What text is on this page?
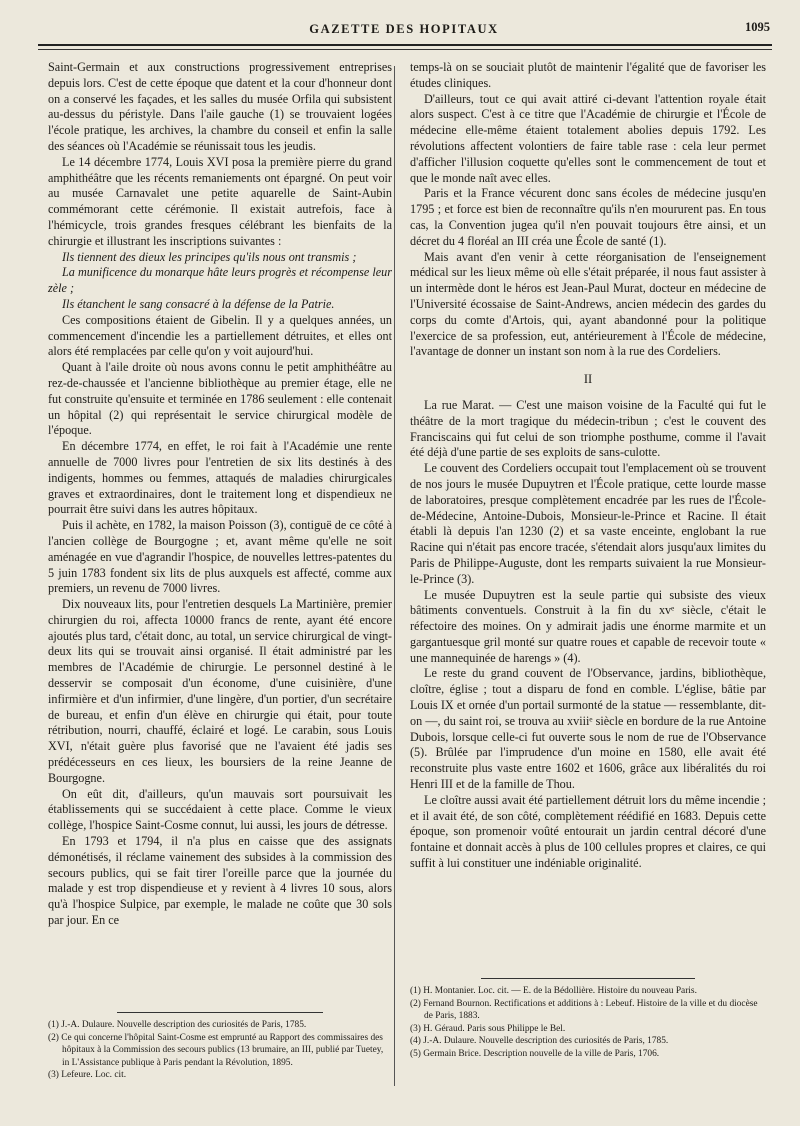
GAZETTE DES HOPITAUX	1095

Saint-Germain et aux constructions progressivement entreprises depuis lors. C'est de cette époque que datent et la cour d'honneur dont on a conservé les façades, et les salles du musée Orfila qui subsistent au-dessus du péristyle. Dans l'aile gauche (1) se trouvaient logées l'école pratique, les archives, la chambre du conseil et enfin la salle des séances où l'Académie se réunissait tous les jeudis.

Le 14 décembre 1774, Louis XVI posa la première pierre du grand amphithéâtre que les récents remaniements ont épargné. On peut voir au musée Carnavalet une petite aquarelle de Saint-Aubin commémorant cette cérémonie. Il existait autrefois, face à l'hémicycle, trois grandes fresques célébrant les bienfaits de la chirurgie et illustrant les inscriptions suivantes :

Ils tiennent des dieux les principes qu'ils nous ont transmis ;

La munificence du monarque hâte leurs progrès et récompense leur zèle ;

Ils étanchent le sang consacré à la défense de la Patrie.

Ces compositions étaient de Gibelin. Il y a quelques années, un commencement d'incendie les a partiellement détruites, et elles ont alors été remplacées par celle qu'on y voit aujourd'hui.

Quant à l'aile droite où nous avons connu le petit amphithéâtre au rez-de-chaussée et l'ancienne bibliothèque au premier étage, elle ne fut construite qu'ensuite et terminée en 1786 seulement : elle contenait un hôpital (2) qui représentait le service chirurgical modèle de l'époque.

En décembre 1774, en effet, le roi fait à l'Académie une rente annuelle de 7000 livres pour l'entretien de six lits destinés à des indigents, hommes ou femmes, attaqués de maladies chirurgicales graves et extraordinaires, dont le traitement long et dispendieux ne pourrait être suivi dans les autres hôpitaux.

Puis il achète, en 1782, la maison Poisson (3), contiguë de ce côté à l'ancien collège de Bourgogne ; et, avant même qu'elle ne soit aménagée en vue d'agrandir l'hospice, de nouvelles lettres-patentes du 5 juin 1783 fondent six lits de plus auxquels est affecté, comme aux premiers, un revenu de 7000 livres.

Dix nouveaux lits, pour l'entretien desquels La Martinière, premier chirurgien du roi, affecta 10000 francs de rente, ayant été encore ajoutés plus tard, c'était donc, au total, un service chirurgical de vingt-deux lits qui se trouvait ainsi organisé. Il était administré par les membres de l'Académie de chirurgie. Le personnel destiné à le desservir se composait d'un économe, d'une cuisinière, d'une infirmière et d'un infirmier, d'une lingère, d'un portier, d'un secrétaire de bureau, et enfin d'un élève en chirurgie qui était, pour toute rétribution, nourri, chauffé, éclairé et logé. Le carabin, sous Louis XVI, n'était guère plus favorisé que ne l'avaient été jadis ses prédécesseurs en ces lieux, les boursiers de la reine Jeanne de Bourgogne.

On eût dit, d'ailleurs, qu'un mauvais sort poursuivait les établissements qui se succédaient à cette place. Comme le vieux collège, l'hospice Saint-Cosme connut, lui aussi, les jours de détresse.

En 1793 et 1794, il n'a plus en caisse que des assignats démonétisés, il réclame vainement des subsides à la commission des secours publics, qui se fait tirer l'oreille parce que la journée du malade y est trop dispendieuse et y revient à 4 livres 10 sous, alors qu'à l'hospice Sulpice, par exemple, le malade ne coûte que 30 sols par jour. En ce

temps-là on se souciait plutôt de maintenir l'égalité que de favoriser les études cliniques.

D'ailleurs, tout ce qui avait attiré ci-devant l'attention royale était alors suspect. C'est à ce titre que l'Académie de chirurgie et l'École de médecine elle-même étaient totalement abolies depuis 1792. Les révolutions affectent volontiers de faire table rase : cela leur permet d'afficher l'illusion coquette qu'elles sont le commencement de tout et que le monde naît avec elles.

Paris et la France vécurent donc sans écoles de médecine jusqu'en 1795 ; et force est bien de reconnaître qu'ils n'en moururent pas. En tous cas, la Convention jugea qu'il n'en pouvait toujours être ainsi, et un décret du 4 floréal an III créa une École de santé (1).

Mais avant d'en venir à cette réorganisation de l'enseignement médical sur les lieux même où elle s'était préparée, il nous faut assister à un intermède dont le héros est Jean-Paul Murat, docteur en médecine de l'Université écossaise de Saint-Andrews, ancien médecin des gardes du corps du comte d'Artois, qui, ayant abandonné pour la politique l'exercice de sa profession, eut, antérieurement à l'École de médecine, l'avantage de donner un instant son nom à la rue des Cordeliers.

II

La rue Marat. — C'est une maison voisine de la Faculté qui fut le théâtre de la mort tragique du médecin-tribun ; c'est le couvent des Franciscains qui fut celui de son triomphe posthume, comme il l'avait été déjà d'une partie de ses exploits de sans-culotte.

Le couvent des Cordeliers occupait tout l'emplacement où se trouvent de nos jours le musée Dupuytren et l'École pratique, cette lourde masse de laboratoires, presque complètement encadrée par les rues de l'École-de-Médecine, Antoine-Dubois, Monsieur-le-Prince et Racine. Il était établi là depuis l'an 1230 (2) et sa vaste enceinte, englobant la rue Racine qui n'était pas encore tracée, s'étendait alors jusqu'aux limites du Paris de Philippe-Auguste, dont les remparts suivaient la rue Monsieur-le-Prince (3).

Le musée Dupuytren est la seule partie qui subsiste des vieux bâtiments conventuels. Construit à la fin du xvᵉ siècle, c'était le réfectoire des moines. On y admirait jadis une énorme marmite et un gargantuesque gril monté sur quatre roues et capable de recevoir toute « une mannequinée de harengs » (4).

Le reste du grand couvent de l'Observance, jardins, bibliothèque, cloître, église ; tout a disparu de fond en comble. L'église, bâtie par Louis IX et ornée d'un portail surmonté de la statue — ressemblante, dit-on —, du saint roi, se trouva au xviiiᵉ siècle en bordure de la rue Antoine Dubois, lorsque celle-ci fut ouverte sous le nom de rue de l'Observance (5). Brûlée par l'imprudence d'un moine en 1580, elle avait été reconstruite plus vaste entre 1602 et 1606, grâce aux libéralités du roi Henri III et de la famille de Thou.

Le cloître aussi avait été partiellement détruit lors du même incendie ; et il avait été, de son côté, complètement réédifié en 1683. Depuis cette époque, son promenoir voûté entourait un jardin central décoré d'une fontaine et donnait accès à plus de 100 cellules propres et claires, ce qui suffit à lui constituer une indéniable originalité.

(1) J.-A. Dulaure. Nouvelle description des curiosités de Paris, 1785.

(2) Ce qui concerne l'hôpital Saint-Cosme est emprunté au Rapport des commissaires des hôpitaux à la Commission des secours publics (13 brumaire, an III, publié par Tuetey, in L'Assistance publique à Paris pendant la Révolution, 1895.

(3) Lefeure. Loc. cit.

(1) H. Montanier. Loc. cit. — E. de la Bédollière. Histoire du nouveau Paris.

(2) Fernand Bournon. Rectifications et additions à : Lebeuf. Histoire de la ville et du diocèse de Paris, 1883.

(3) H. Géraud. Paris sous Philippe le Bel.

(4) J.-A. Dulaure. Nouvelle description des curiosités de Paris, 1785.

(5) Germain Brice. Description nouvelle de la ville de Paris, 1706.
